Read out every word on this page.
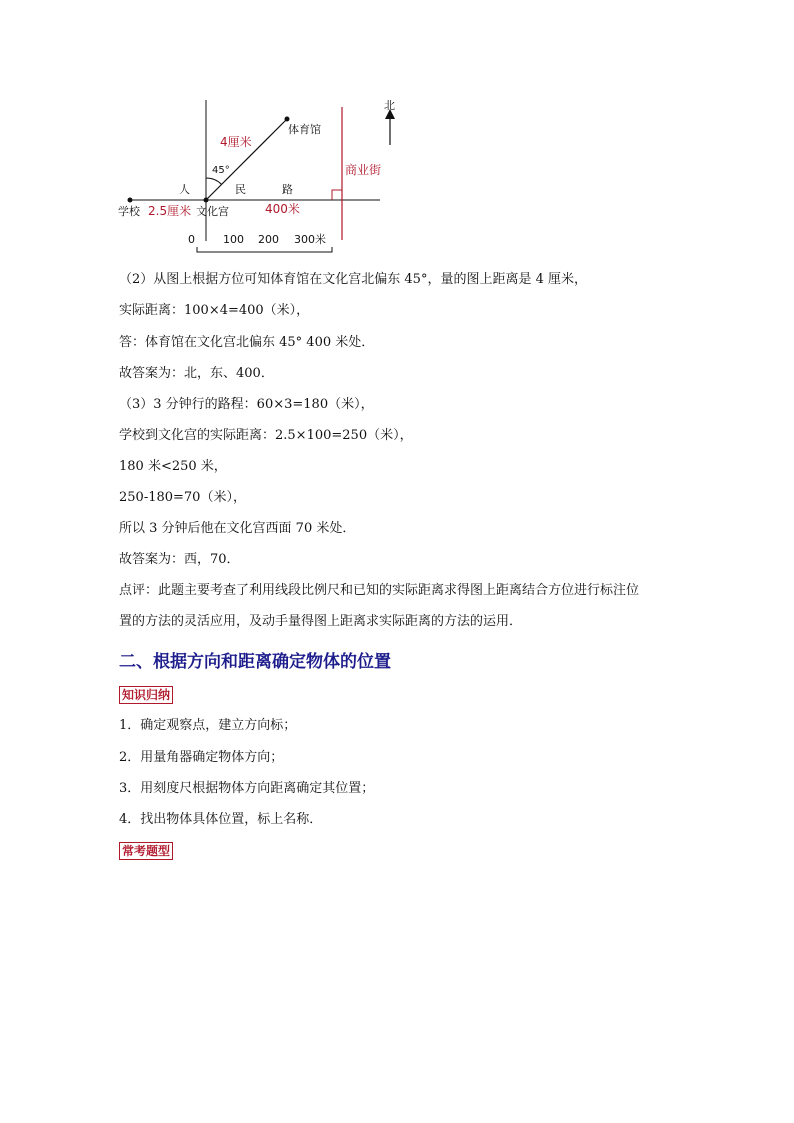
北
体育馆
4厘米
45°
人	民	路
商业街
学校 2.5厘米 文化宫	400米
0	100 200 300米
（2）从图上根据方位可知体育馆在文化宫北偏东 45°，量的图上距离是 4 厘米，
实际距离：100×4=400（米），
答：体育馆在文化宫北偏东 45° 400 米处．
故答案为：北，东、400．
（3）3 分钟行的路程：60×3=180（米），
学校到文化宫的实际距离：2.5×100=250（米），
180 米<250 米，
250-180=70（米），
所以 3 分钟后他在文化宫西面 70 米处．
故答案为：西，70．
点评：此题主要考查了利用线段比例尺和已知的实际距离求得图上距离结合方位进行标注位
置的方法的灵活应用，及动手量得图上距离求实际距离的方法的运用．
二、根据方向和距离确定物体的位置
知识归纳
1．确定观察点，建立方向标；
2．用量角器确定物体方向；
3．用刻度尺根据物体方向距离确定其位置；
4．找出物体具体位置，标上名称．
常考题型
